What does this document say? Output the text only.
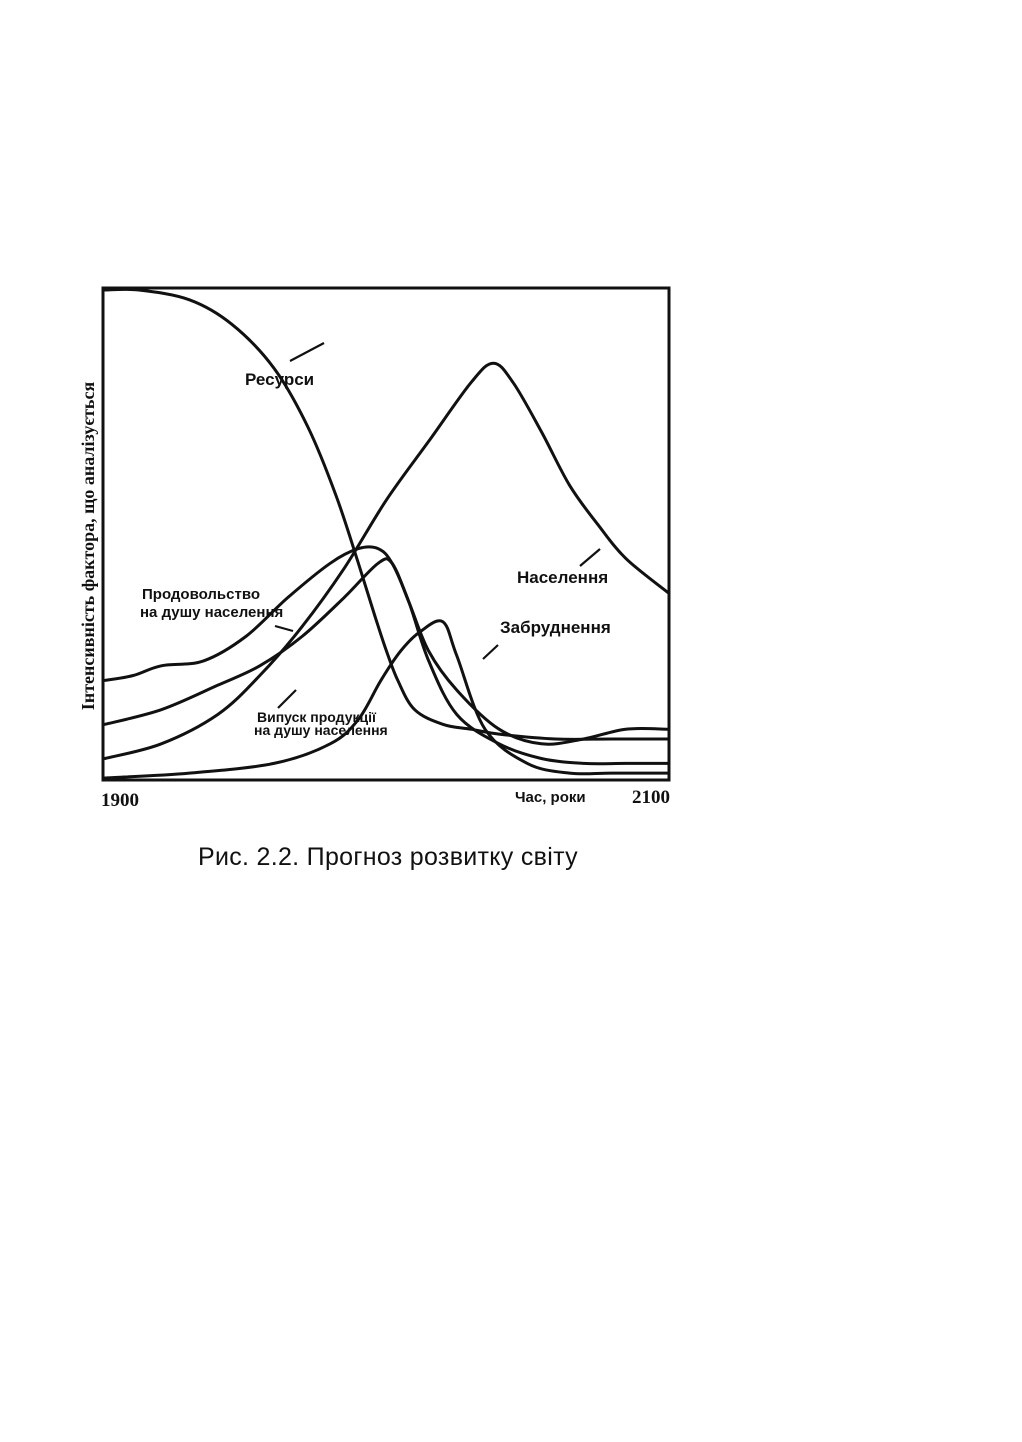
Інтенсивність фактора, що аналізується
1900	2100
Час, роки
Ресурси
Населення
Продовольство
на душу населення
Забруднення
Випуск продукції
на душу населення
Рис. 2.2. Прогноз розвитку світу
